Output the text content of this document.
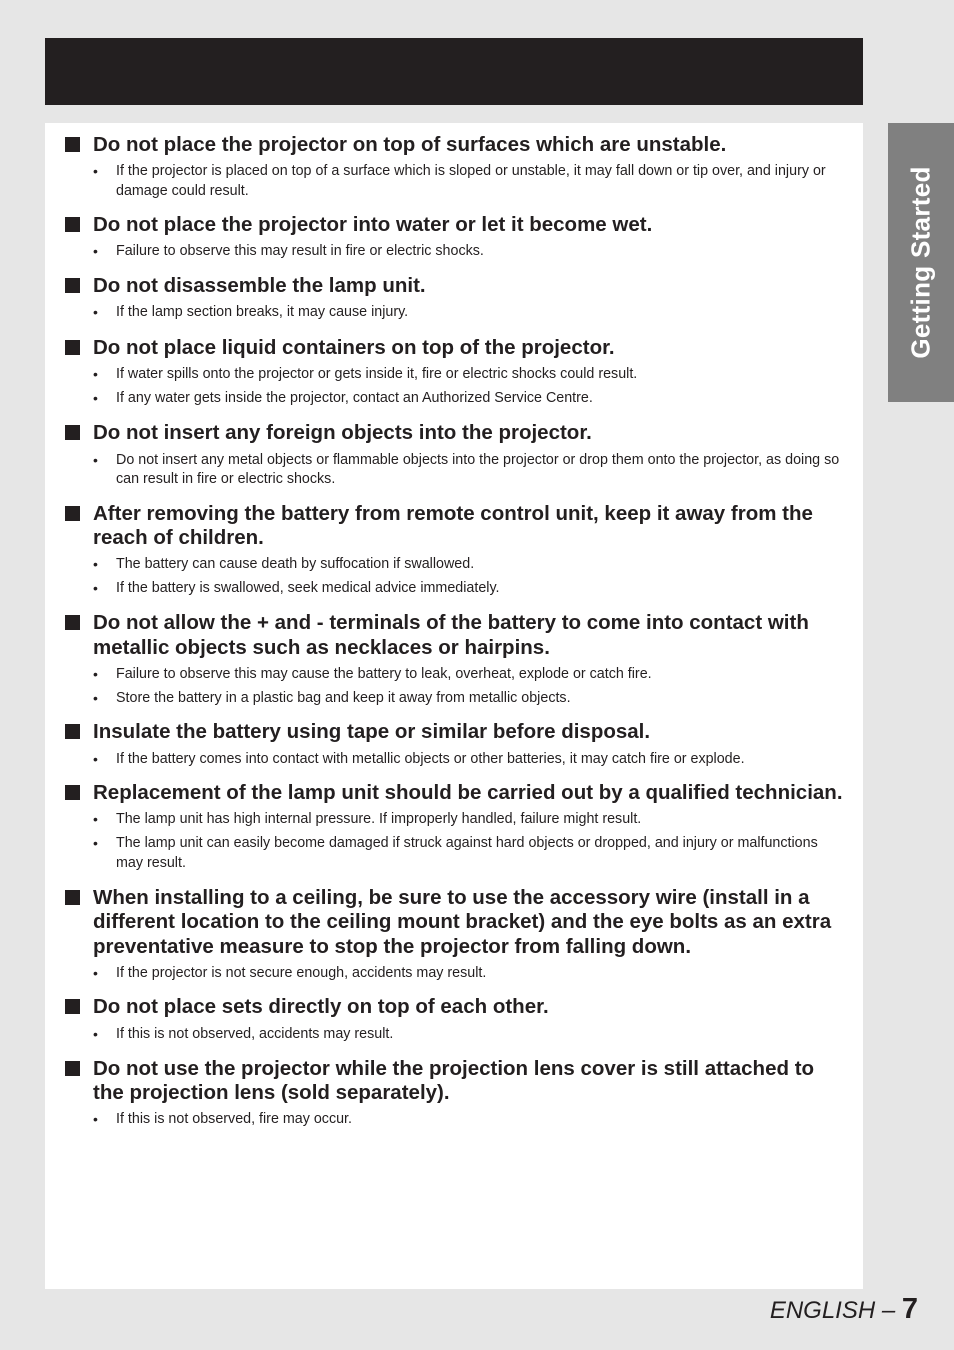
Getting Started
Do not place the projector on top of surfaces which are unstable.
• If the projector is placed on top of a surface which is sloped or unstable, it may fall down or tip over, and injury or damage could result.
Do not place the projector into water or let it become wet.
• Failure to observe this may result in fire or electric shocks.
Do not disassemble the lamp unit.
• If the lamp section breaks, it may cause injury.
Do not place liquid containers on top of the projector.
• If water spills onto the projector or gets inside it, fire or electric shocks could result.
• If any water gets inside the projector, contact an Authorized Service Centre.
Do not insert any foreign objects into the projector.
• Do not insert any metal objects or flammable objects into the projector or drop them onto the projector, as doing so can result in fire or electric shocks.
After removing the battery from remote control unit, keep it away from the reach of children.
• The battery can cause death by suffocation if swallowed.
• If the battery is swallowed, seek medical advice immediately.
Do not allow the + and - terminals of the battery to come into contact with metallic objects such as necklaces or hairpins.
• Failure to observe this may cause the battery to leak, overheat, explode or catch fire.
• Store the battery in a plastic bag and keep it away from metallic objects.
Insulate the battery using tape or similar before disposal.
• If the battery comes into contact with metallic objects or other batteries, it may catch fire or explode.
Replacement of the lamp unit should be carried out by a qualified technician.
• The lamp unit has high internal pressure. If improperly handled, failure might result.
• The lamp unit can easily become damaged if struck against hard objects or dropped, and injury or malfunctions may result.
When installing to a ceiling, be sure to use the accessory wire (install in a different location to the ceiling mount bracket) and the eye bolts as an extra preventative measure to stop the projector from falling down.
• If the projector is not secure enough, accidents may result.
Do not place sets directly on top of each other.
• If this is not observed, accidents may result.
Do not use the projector while the projection lens cover is still attached to the projection lens (sold separately).
• If this is not observed, fire may occur.
ENGLISH – 7
